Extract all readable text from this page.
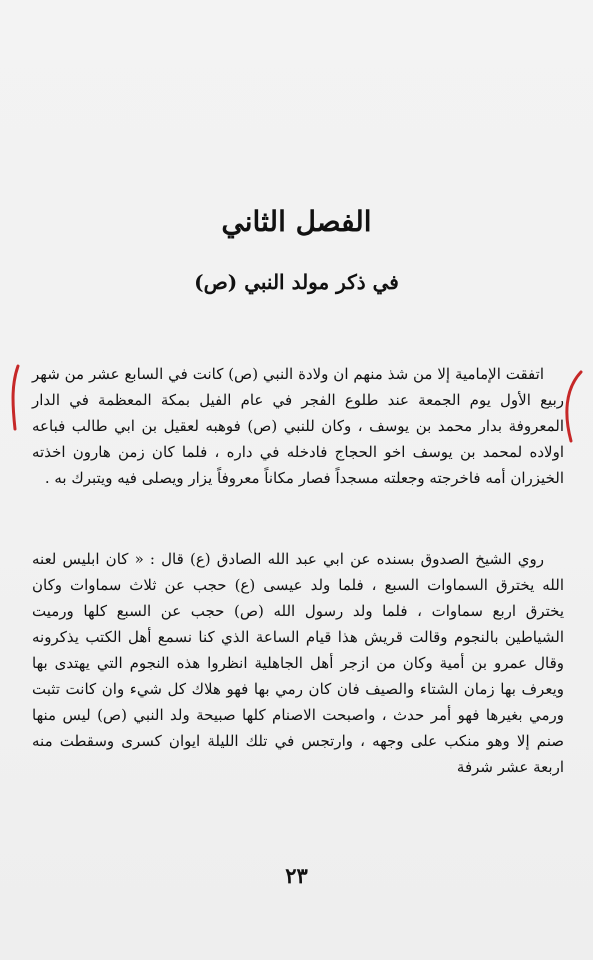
الفصل الثاني
في ذكر مولد النبي (ص)
اتفقت الإمامية إلا من شذ منهم ان ولادة النبي (ص) كانت في السابع عشر من شهر ربيع الأول يوم الجمعة عند طلوع الفجر في عام الفيل بمكة المعظمة في الدار المعروفة بدار محمد بن يوسف ، وكان للنبي (ص) فوهبه لعقيل بن ابي طالب فباعه اولاده لمحمد بن يوسف اخو الحجاج فادخله في داره ، فلما كان زمن هارون اخذته الخيزران أمه فاخرجته وجعلته مسجداً فصار مكاناً معروفاً يزار ويصلى فيه ويتبرك به .
روي الشيخ الصدوق بسنده عن ابي عبد الله الصادق (ع) قال : « كان ابليس لعنه الله يخترق السماوات السبع ، فلما ولد عيسى (ع) حجب عن ثلاث سماوات وكان يخترق اربع سماوات ، فلما ولد رسول الله (ص) حجب عن السبع كلها ورميت الشياطين بالنجوم وقالت قريش هذا قيام الساعة الذي كنا نسمع أهل الكتب يذكرونه وقال عمرو بن أمية وكان من ازجر أهل الجاهلية انظروا هذه النجوم التي يهتدى بها ويعرف بها زمان الشتاء والصيف فان كان رمي بها فهو هلاك كل شيء وان كانت تثبت ورمي بغيرها فهو أمر حدث ، واصبحت الاصنام كلها صبيحة ولد النبي (ص) ليس منها صنم إلا وهو منكب على وجهه ، وارتجس في تلك الليلة ايوان كسرى وسقطت منه اربعة عشر شرفة
٢٣
